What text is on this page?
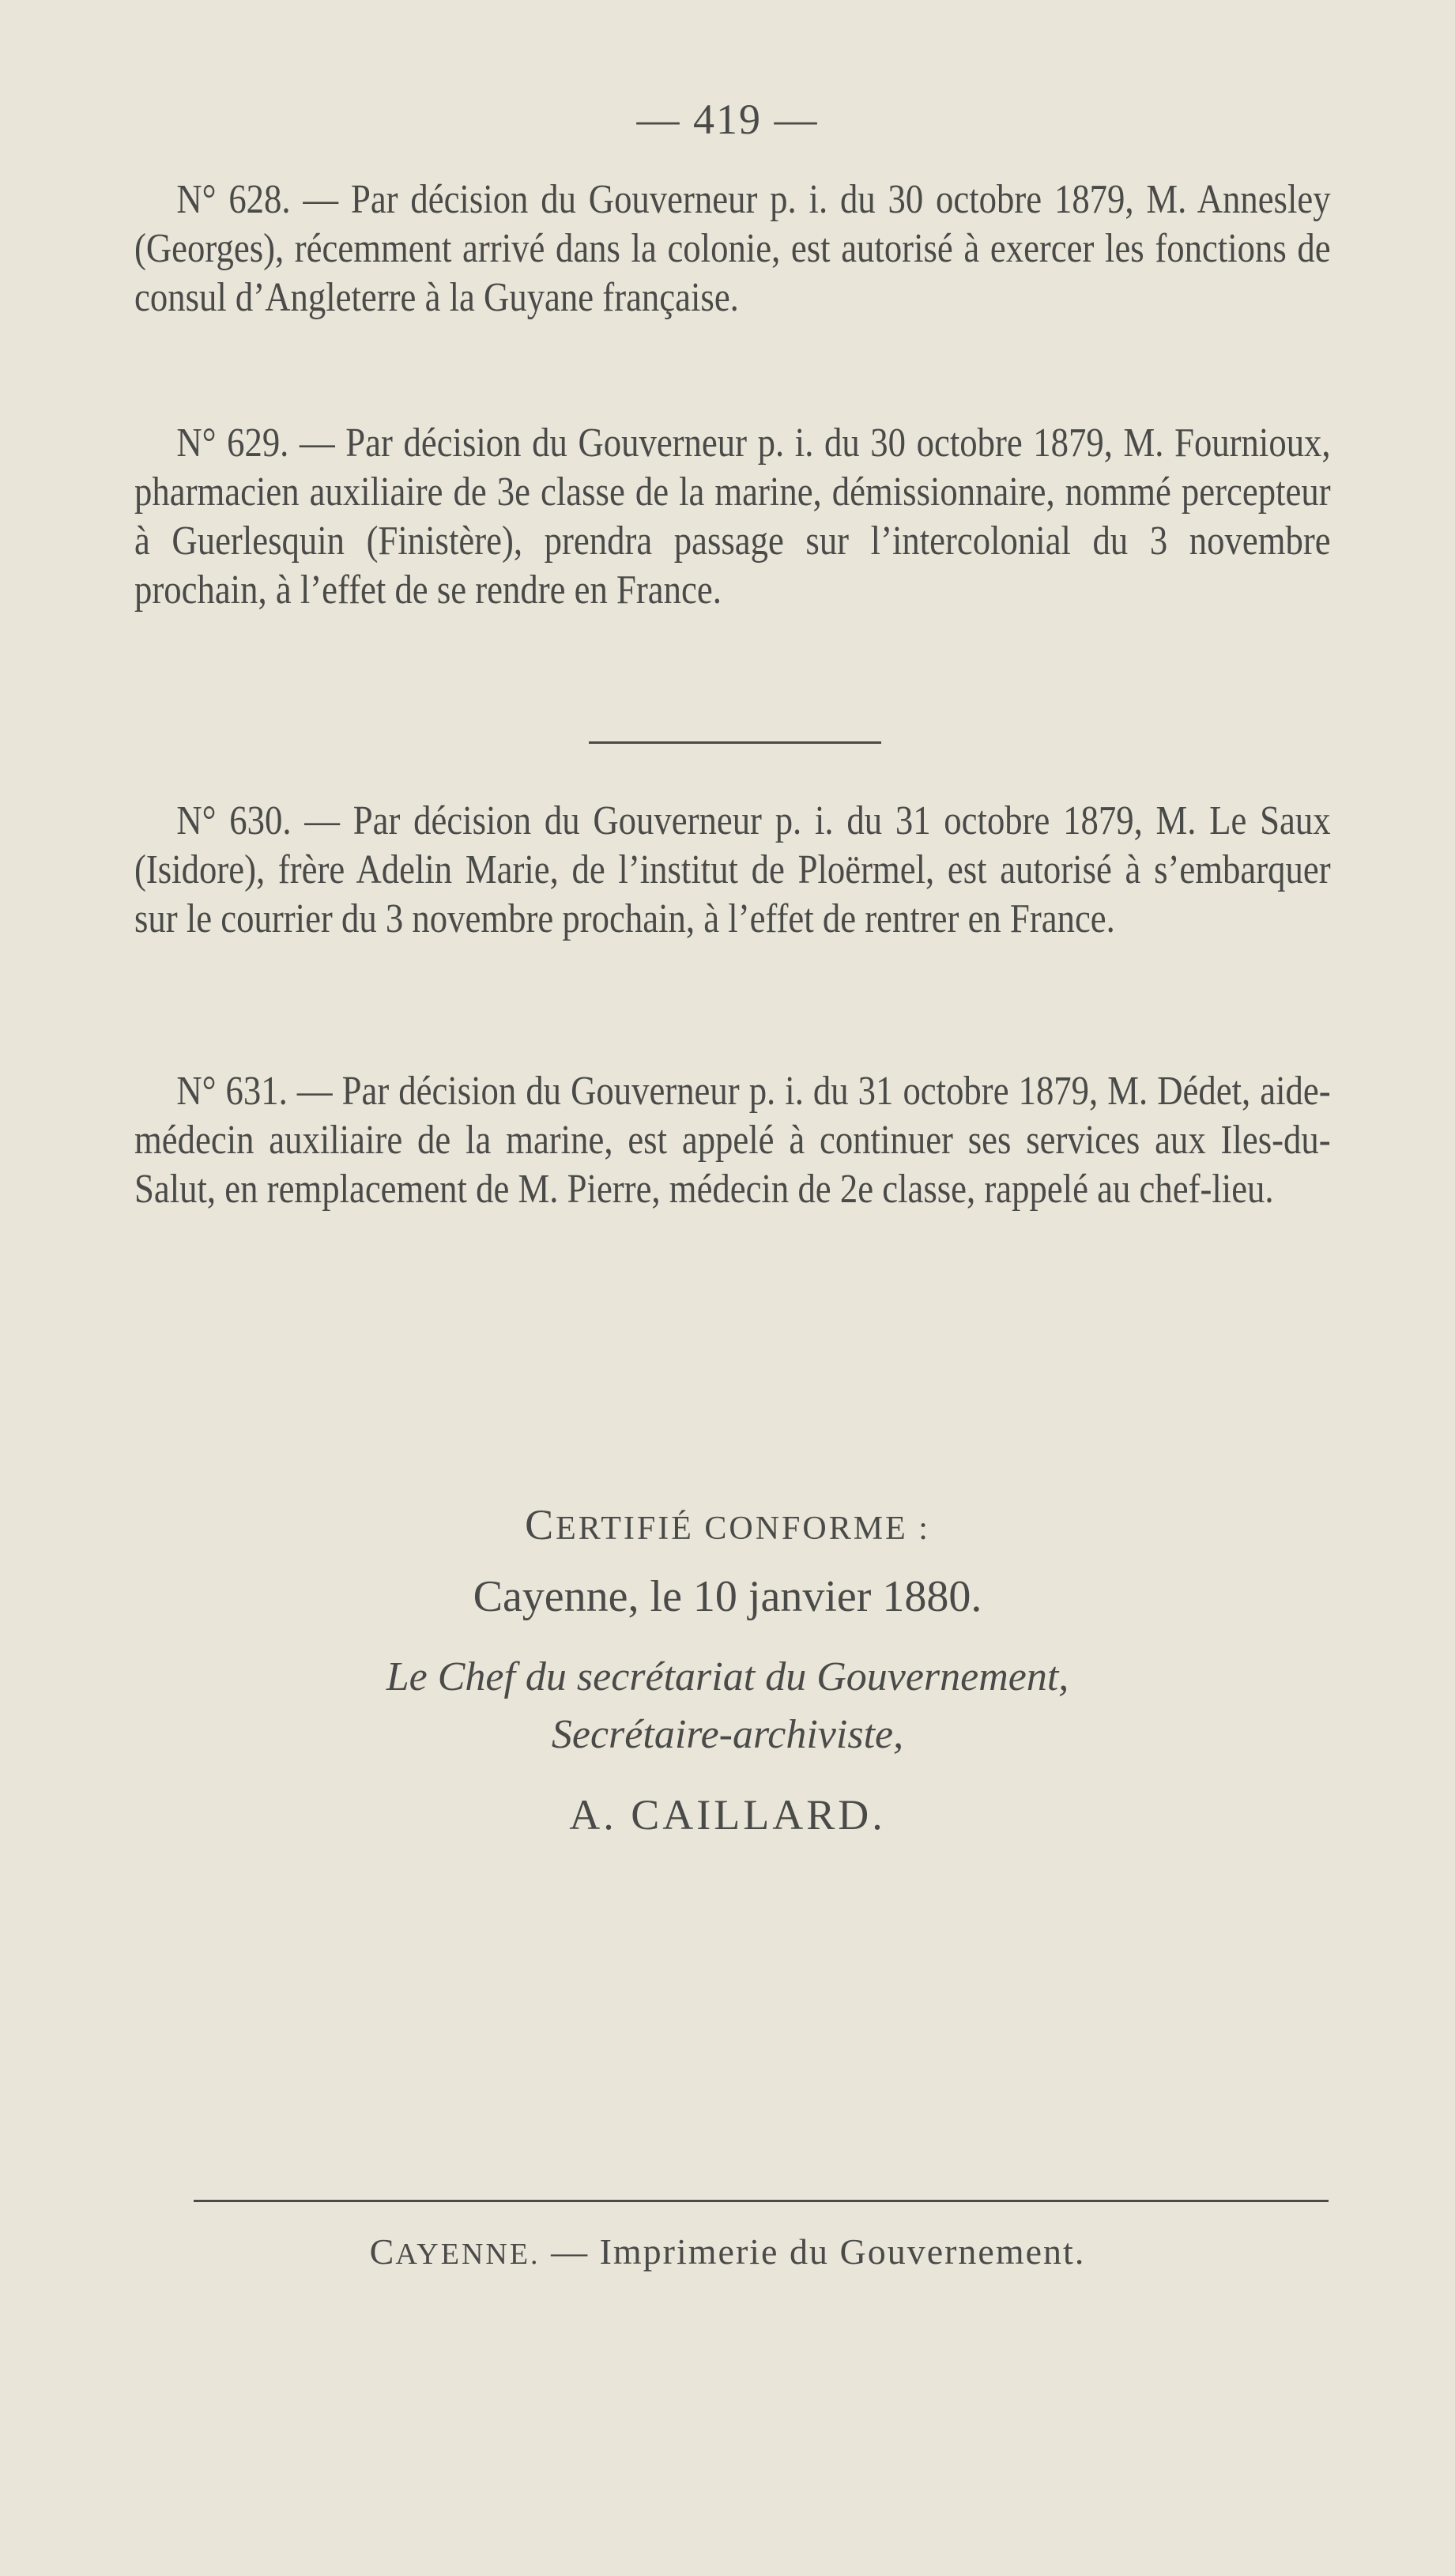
— 419 —
N° 628. — Par décision du Gouverneur p. i. du 30 octobre 1879, M. Annesley (Georges), récemment arrivé dans la colonie, est autorisé à exercer les fonctions de consul d’Angleterre à la Guyane française.
N° 629. — Par décision du Gouverneur p. i. du 30 octobre 1879, M. Fournioux, pharmacien auxiliaire de 3e classe de la marine, démissionnaire, nommé percepteur à Guerlesquin (Finistère), prendra passage sur l’intercolonial du 3 novembre prochain, à l’effet de se rendre en France.
N° 630. — Par décision du Gouverneur p. i. du 31 octobre 1879, M. Le Saux (Isidore), frère Adelin Marie, de l’institut de Ploërmel, est autorisé à s’embarquer sur le courrier du 3 novembre prochain, à l’effet de rentrer en France.
N° 631. — Par décision du Gouverneur p. i. du 31 octobre 1879, M. Dédet, aide-médecin auxiliaire de la marine, est appelé à continuer ses services aux Iles-du-Salut, en remplacement de M. Pierre, médecin de 2e classe, rappelé au chef-lieu.
CERTIFIÉ CONFORME :
Cayenne, le 10 janvier 1880.
Le Chef du secrétariat du Gouvernement,
Secrétaire-archiviste,
A. CAILLARD.
CAYENNE. — Imprimerie du Gouvernement.
